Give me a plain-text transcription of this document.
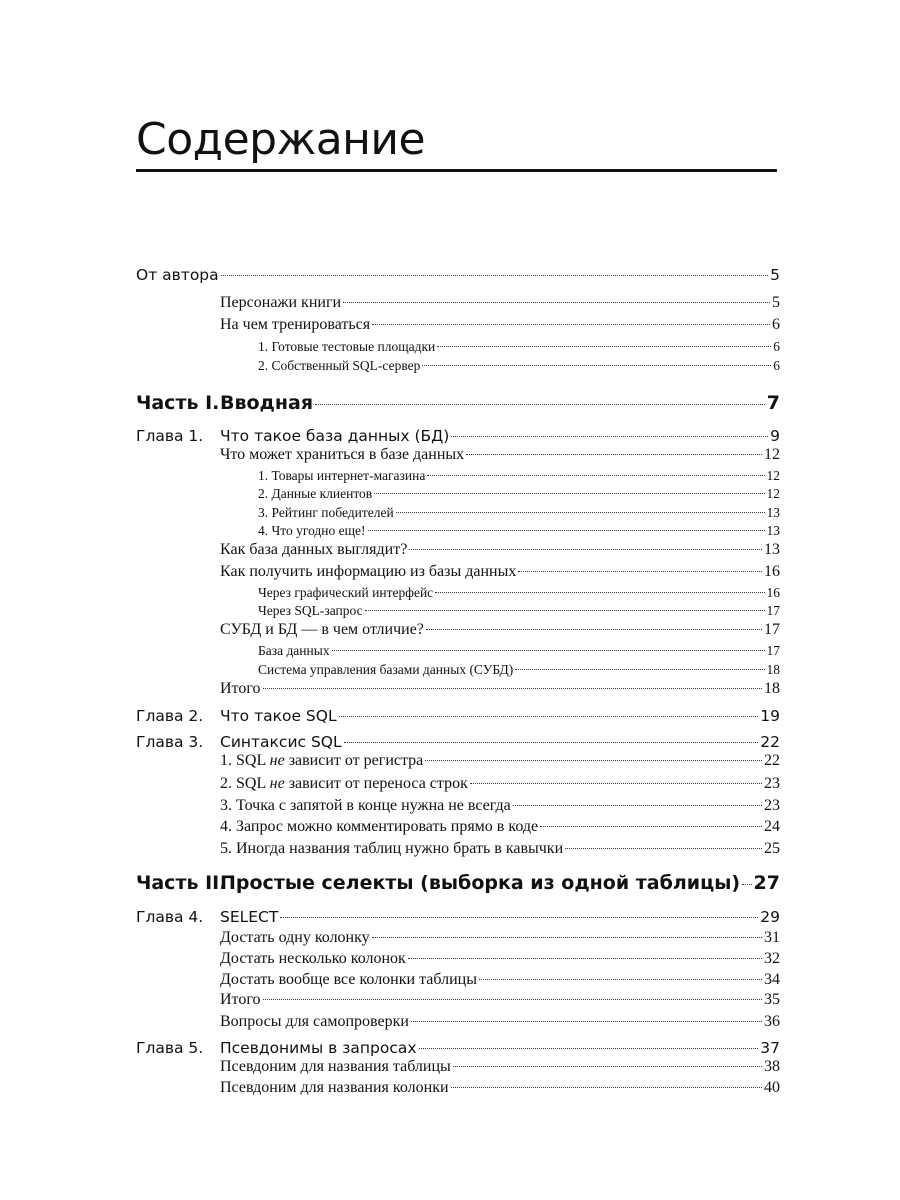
Содержание
От автора	5
Персонажи книги	5
На чем тренироваться	6
1. Готовые тестовые площадки	6
2. Собственный SQL-сервер	6
Часть I.Вводная	7
Глава 1. Что такое база данных (БД)	9
Что может храниться в базе данных	12
1. Товары интернет-магазина	12
2. Данные клиентов	12
3. Рейтинг победителей	13
4. Что угодно еще!	13
Как база данных выглядит?	13
Как получить информацию из базы данных	16
Через графический интерфейс	16
Через SQL-запрос	17
СУБД и БД — в чем отличие?	17
База данных	17
Система управления базами данных (СУБД)	18
Итого	18
Глава 2. Что такое SQL	19
Глава 3. Синтаксис SQL	22
1. SQL не зависит от регистра	22
2. SQL не зависит от переноса строк	23
3. Точка с запятой в конце нужна не всегда	23
4. Запрос можно комментировать прямо в коде	24
5. Иногда названия таблиц нужно брать в кавычки	25
Часть II.Простые селекты (выборка из одной таблицы) 27
Глава 4. SELECT	29
Достать одну колонку	31
Достать несколько колонок	32
Достать вообще все колонки таблицы	34
Итого	35
Вопросы для самопроверки	36
Глава 5. Псевдонимы в запросах	37
Псевдоним для названия таблицы	38
Псевдоним для названия колонки	40
